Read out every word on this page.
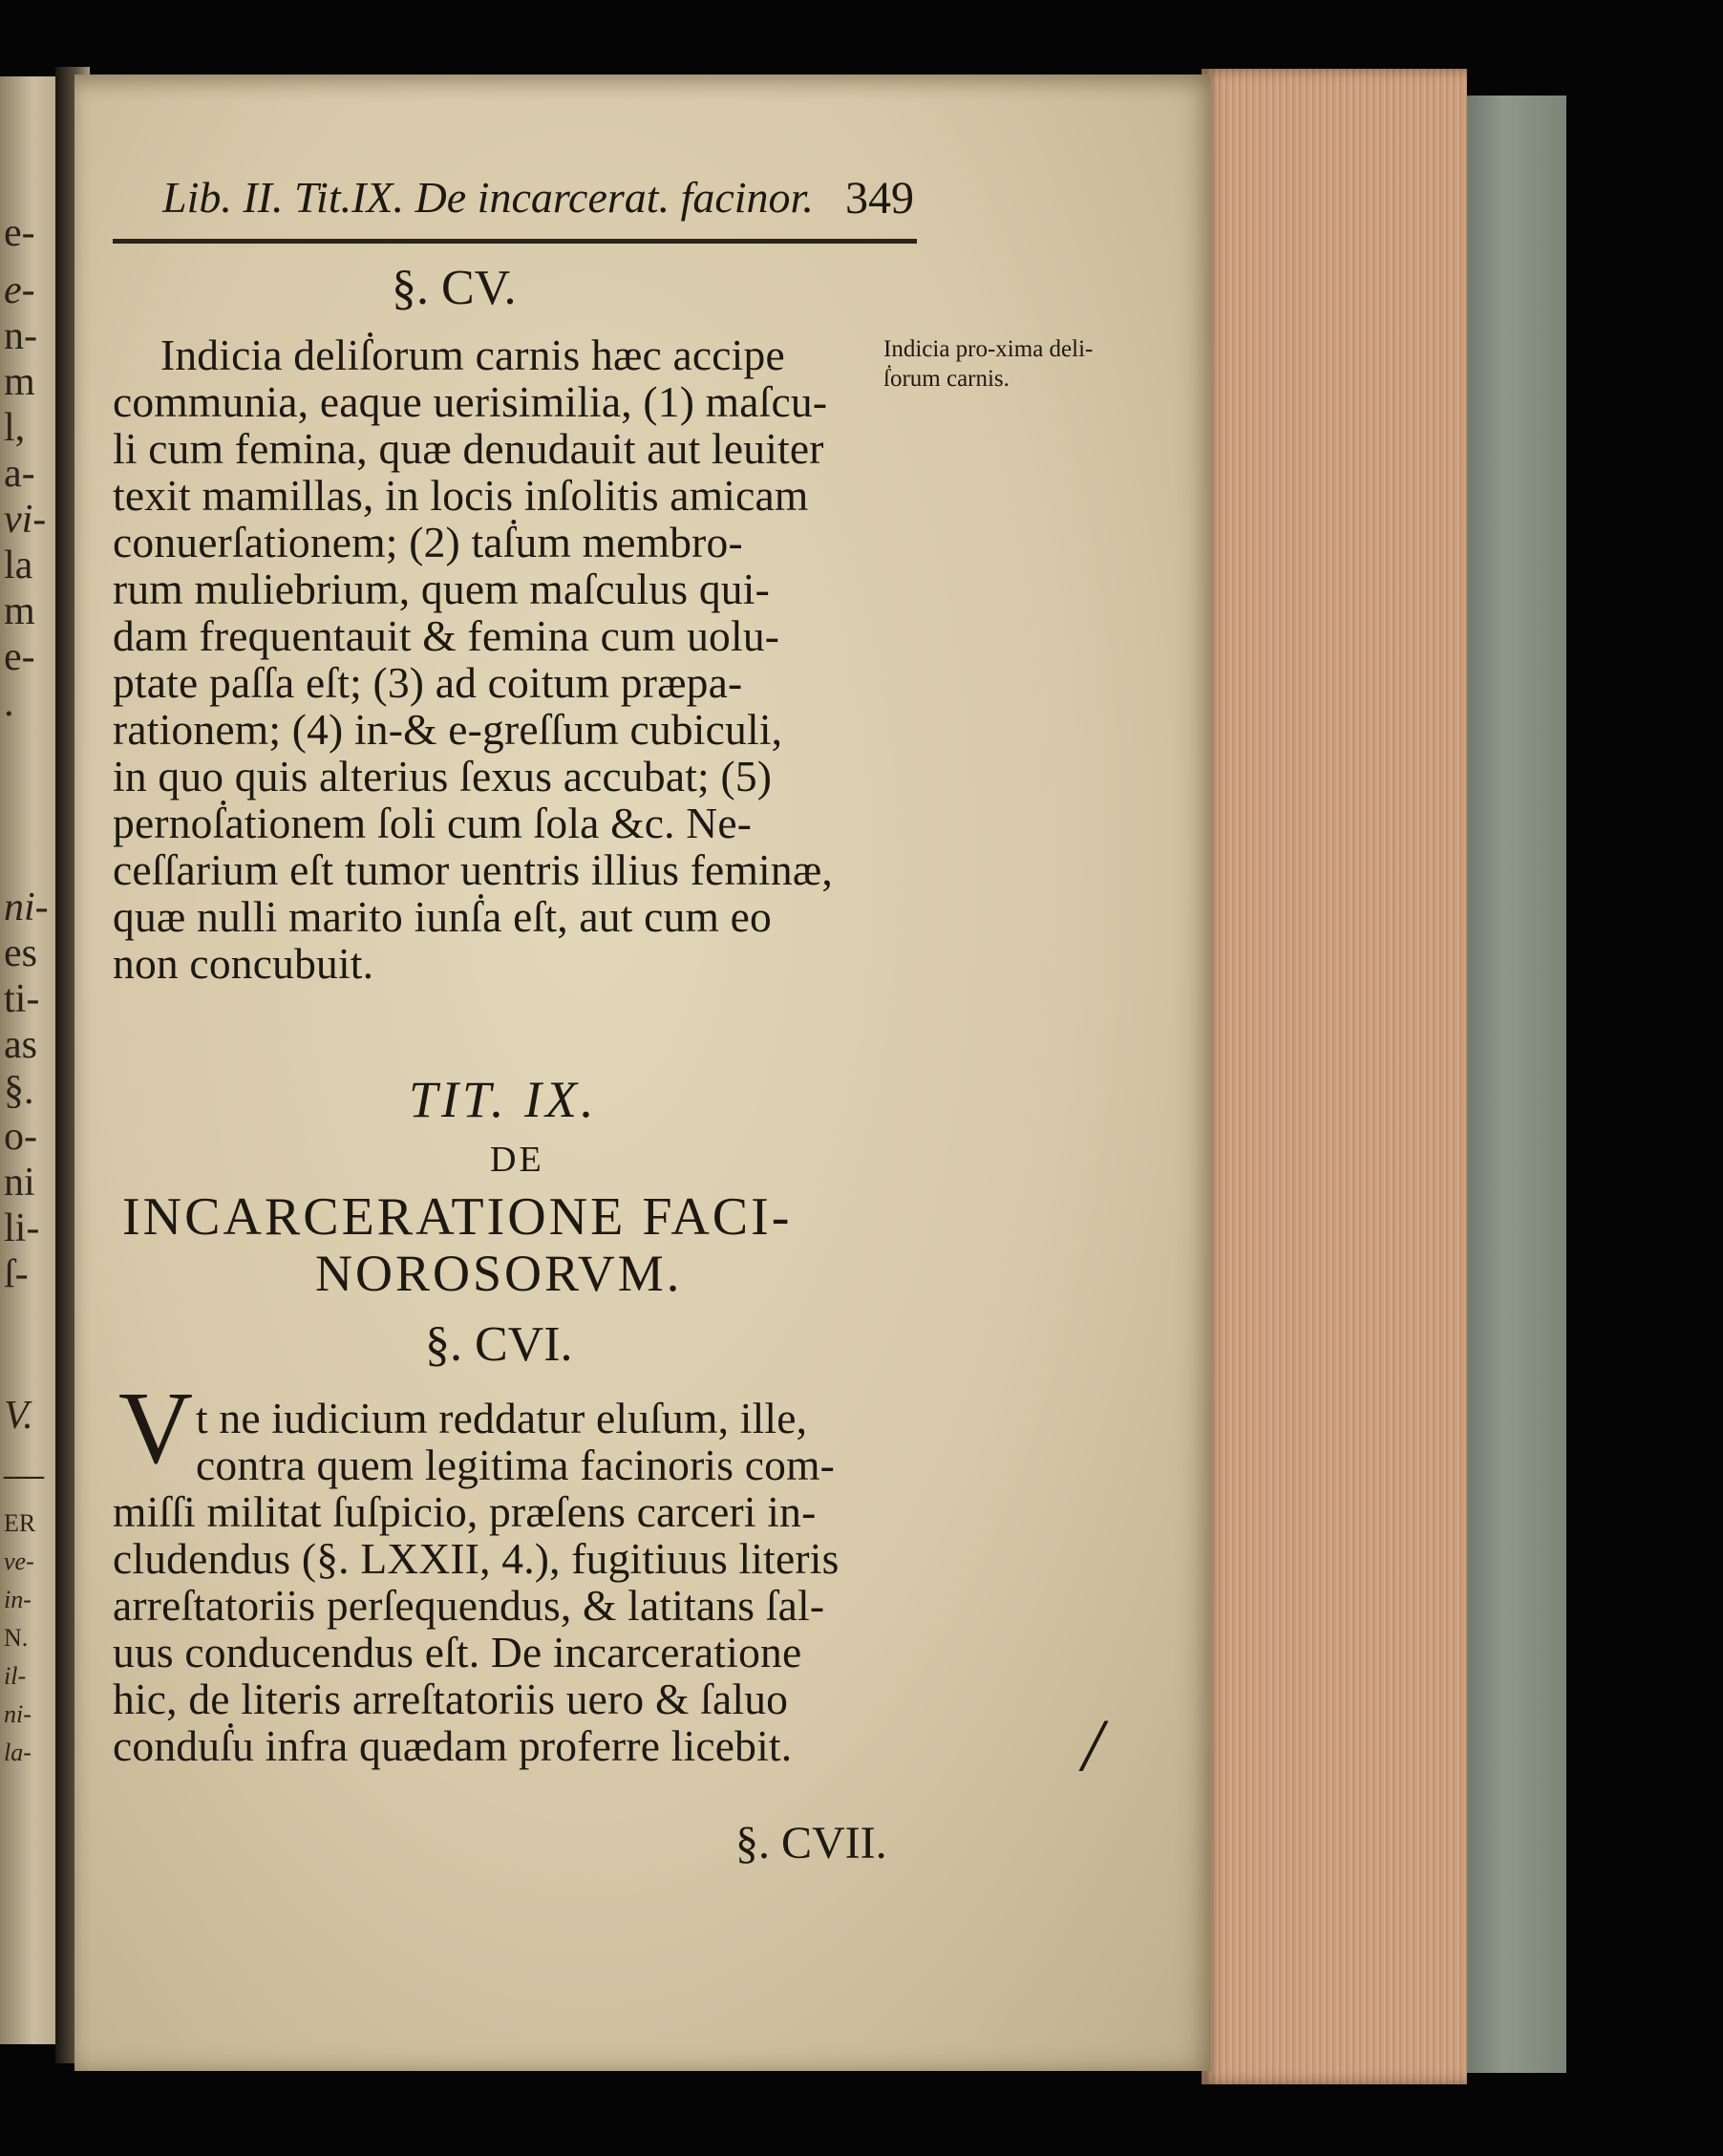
e-
e-
n-
m
l,
a-
vi-
la
m
e-
.
ni-
es
ti-
as
§.
o-
ni
li-
ſ-
V.
—
ER
ve-
in-
N.
il-
ni-
la-
Lib. II. Tit.IX. De incarcerat. facinor. 349
§. CV.
Indicia deliẛorum carnis hæc accipe
communia, eaque uerisimilia, (1) maſcu-
li cum femina, quæ denudauit aut leuiter
texit mamillas, in locis inſolitis amicam
conuerſationem; (2) taẛum membro-
rum muliebrium, quem maſculus qui-
dam frequentauit & femina cum uolu-
ptate paſſa eſt; (3) ad coitum præpa-
rationem; (4) in-& e-greſſum cubiculi,
in quo quis alterius ſexus accubat; (5)
pernoẛationem ſoli cum ſola &c. Ne-
ceſſarium eſt tumor uentris illius feminæ,
quæ nulli marito iunẛa eſt, aut cum eo
non concubuit.
Indicia pro-xima deli-ẛorum carnis.
TIT. IX.
DE
INCARCERATIONE FACI-
NOROSORVM.
§. CVI.
V t ne iudicium reddatur eluſum, ille,
contra quem legitima facinoris com-
miſſi militat ſuſpicio, præſens carceri in-
cludendus (§. LXXII, 4.), fugitiuus literis
arreſtatoriis perſequendus, & latitans ſal-
uus conducendus eſt. De incarceratione
hic, de literis arreſtatoriis uero & ſaluo
conduẛu infra quædam proferre licebit.
§. CVII.
/
